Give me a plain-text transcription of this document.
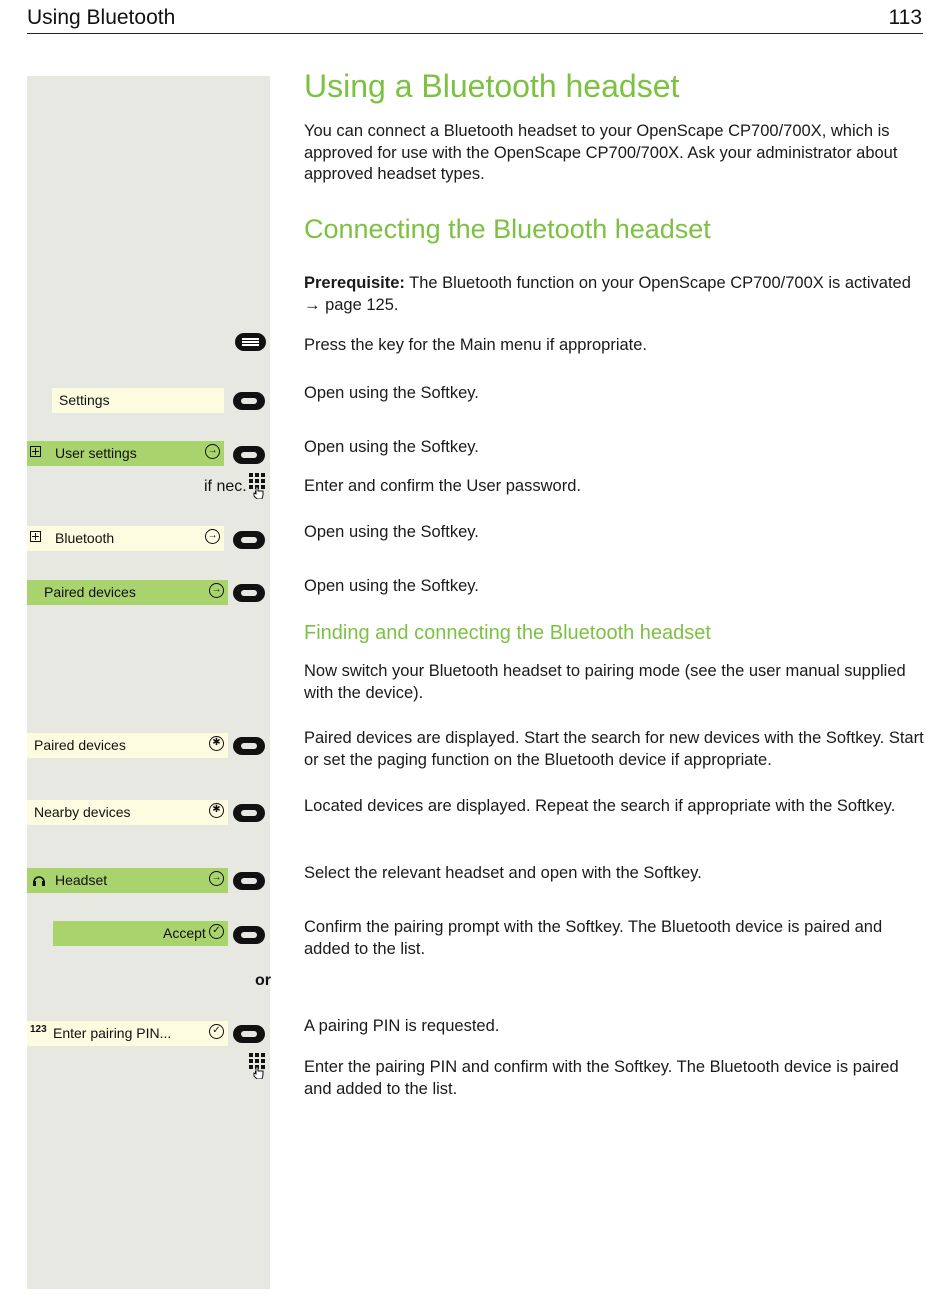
Using Bluetooth	113
Settings
User settings	→
if nec.
Bluetooth	→
Paired devices	→
Paired devices	✱
Nearby devices	✱
Headset	→
Accept ✓
or
123 Enter pairing PIN...	✓
Using a Bluetooth headset
You can connect a Bluetooth headset to your OpenScape CP700/700X, which is approved for use with the OpenScape CP700/700X. Ask your administrator about approved headset types.
Connecting the Bluetooth headset
Prerequisite: The Bluetooth function on your OpenScape CP700/700X is activated → page 125.
Press the key for the Main menu if appropriate.
Open using the Softkey.
Open using the Softkey.
Enter and confirm the User password.
Open using the Softkey.
Open using the Softkey.
Finding and connecting the Bluetooth headset
Now switch your Bluetooth headset to pairing mode (see the user manual supplied with the device).
Paired devices are displayed. Start the search for new devices with the Softkey. Start or set the paging function on the Bluetooth device if appropriate.
Located devices are displayed. Repeat the search if appropriate with the Softkey.
Select the relevant headset and open with the Softkey.
Confirm the pairing prompt with the Softkey. The Bluetooth device is paired and added to the list.
A pairing PIN is requested.
Enter the pairing PIN and confirm with the Softkey. The Bluetooth device is paired and added to the list.
